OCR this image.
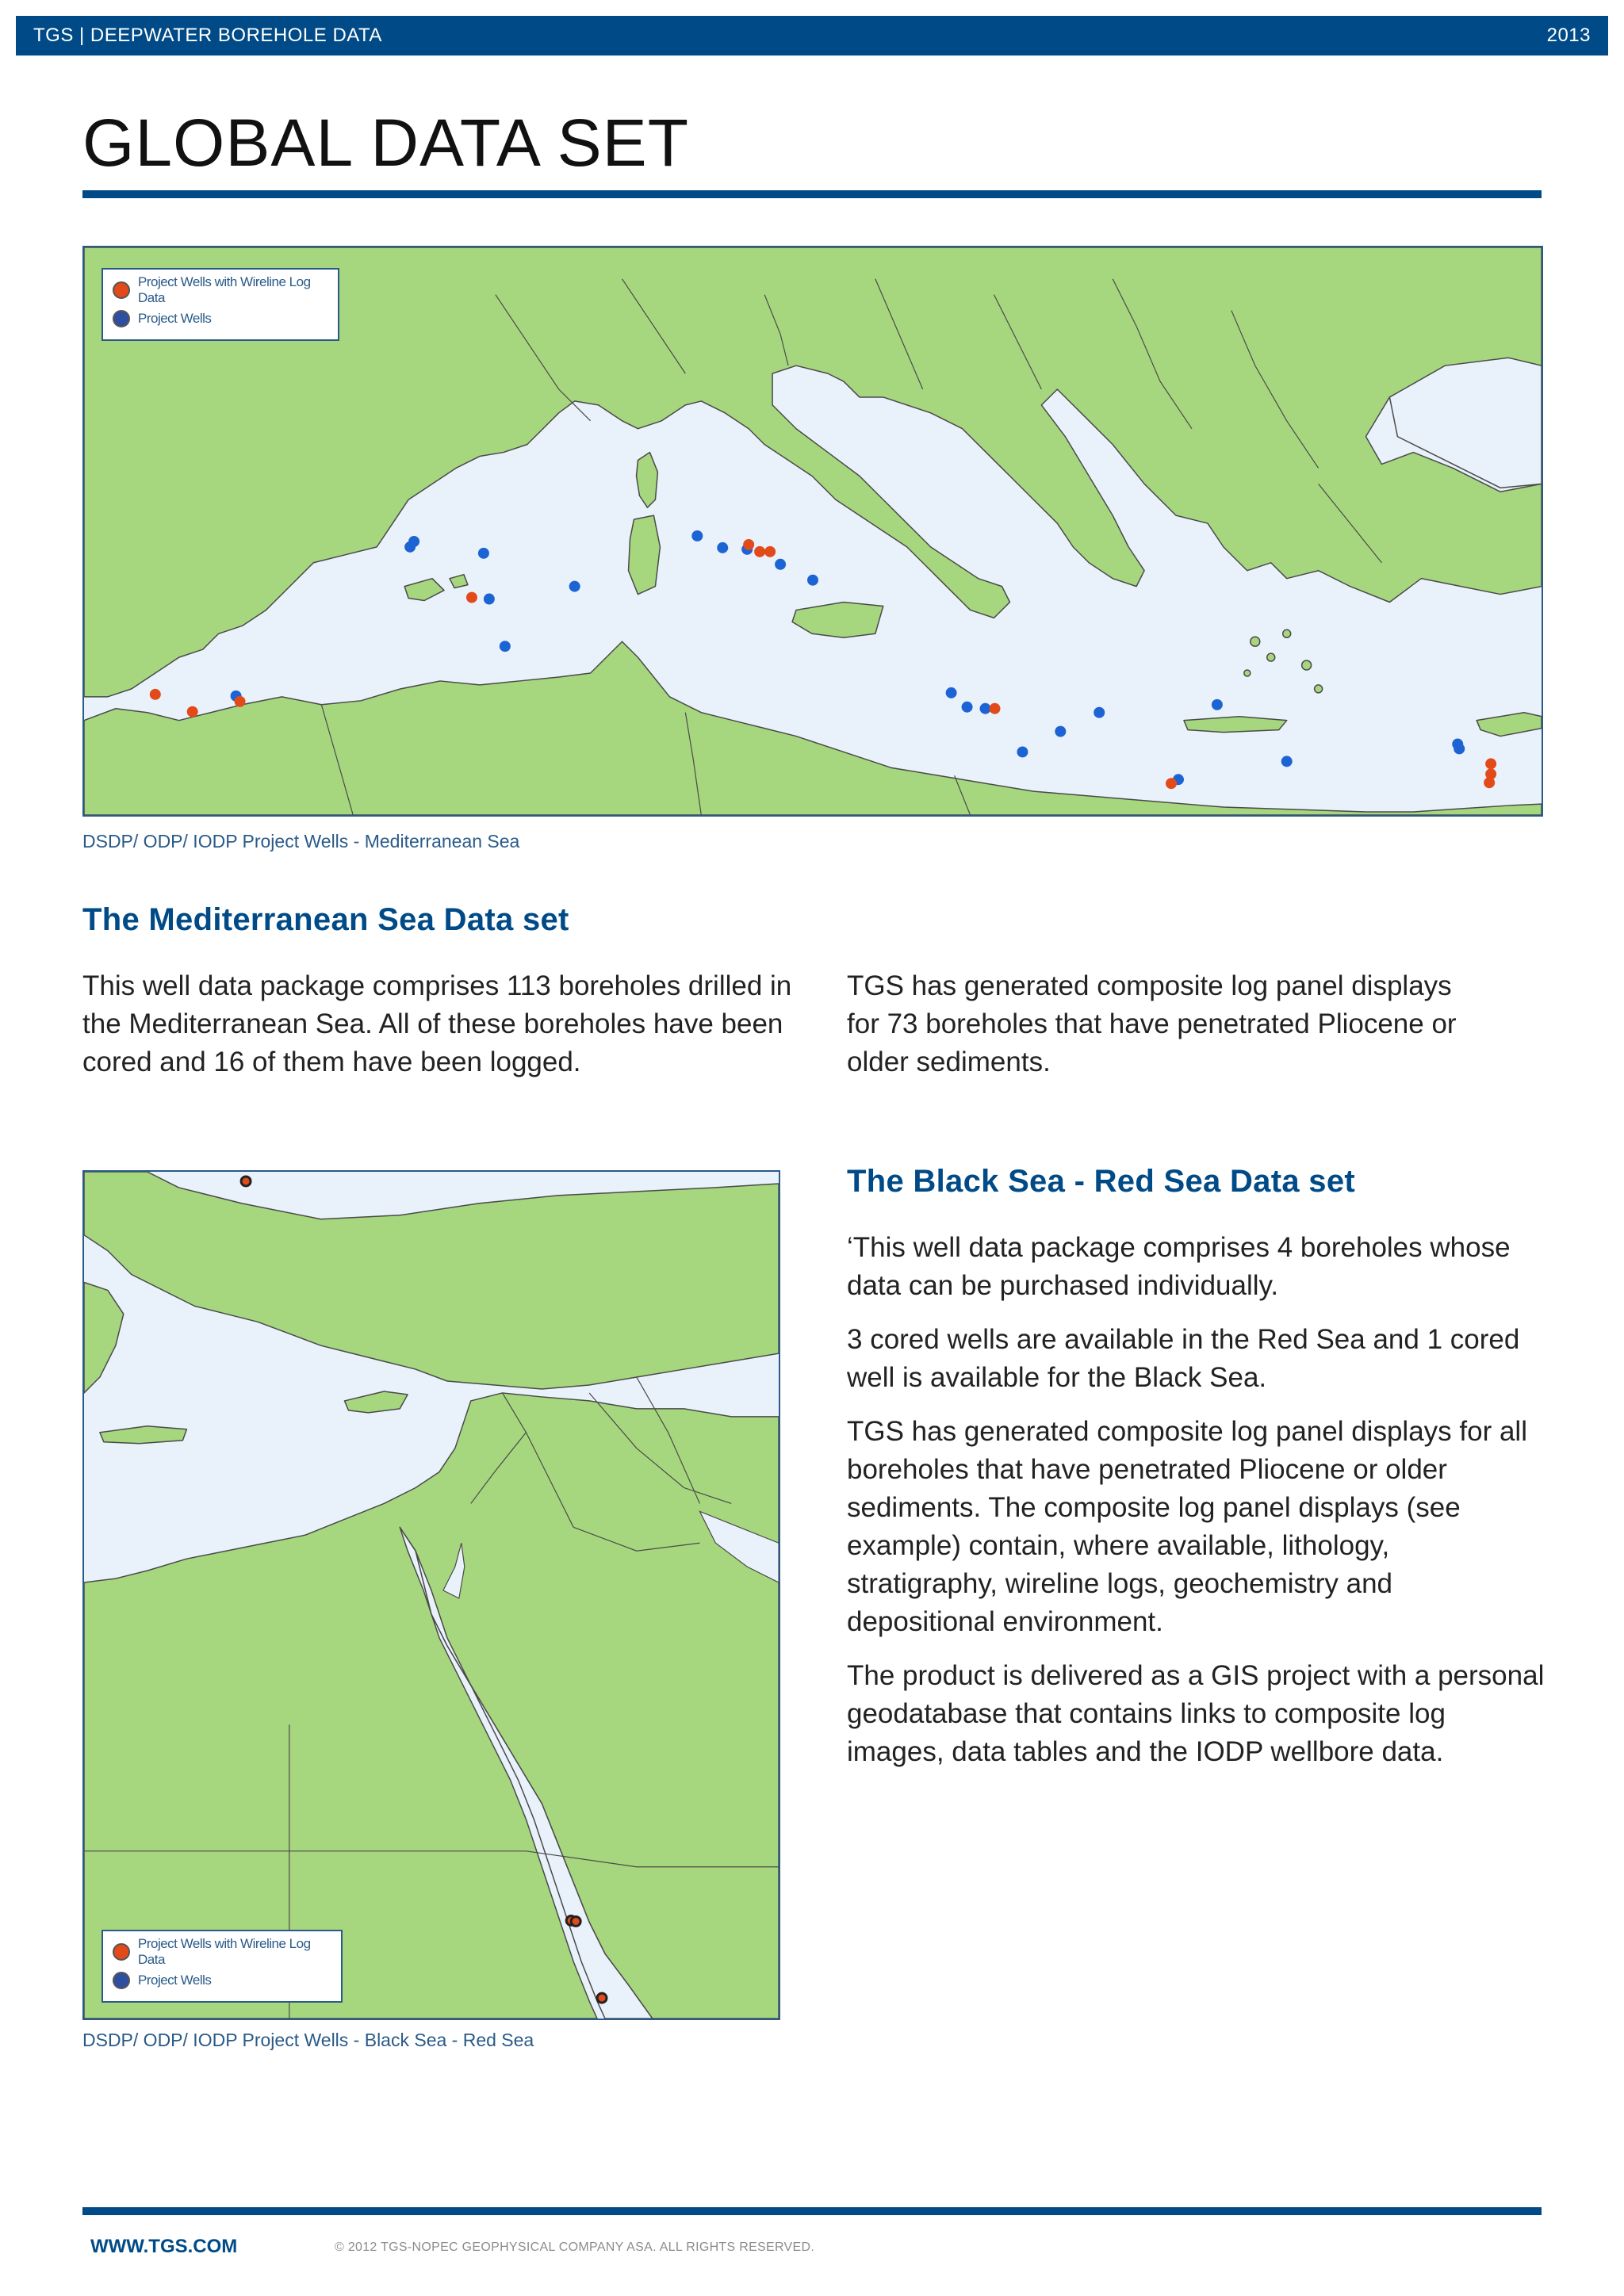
TGS | DEEPWATER BOREHOLE DATA	2013
GLOBAL DATA SET
Project Wells with Wireline Log Data
Project Wells
DSDP/ ODP/ IODP Project Wells - Mediterranean Sea
The Mediterranean Sea Data set

This well data package comprises 113 boreholes drilled in the Mediterranean Sea. All of these boreholes have been cored and 16 of them have been logged.

TGS has generated composite log panel displays for 73 boreholes that have penetrated Pliocene or older sediments.

Project Wells with Wireline Log Data
Project Wells
DSDP/ ODP/ IODP Project Wells - Black Sea - Red Sea
The Black Sea - Red Sea Data set

‘This well data package comprises 4 boreholes whose data can be purchased individually.

3 cored wells are available in the Red Sea and 1 cored well is available for the Black Sea.

TGS has generated composite log panel displays for all boreholes that have penetrated Pliocene or older sediments. The composite log panel displays (see example) contain, where available, lithology, stratigraphy, wireline logs, geochemistry and depositional environment.

The product is delivered as a GIS project with a personal geodatabase that contains links to composite log images, data tables and the IODP wellbore data.

WWW.TGS.COM	© 2012 TGS-NOPEC GEOPHYSICAL COMPANY ASA. ALL RIGHTS RESERVED.
